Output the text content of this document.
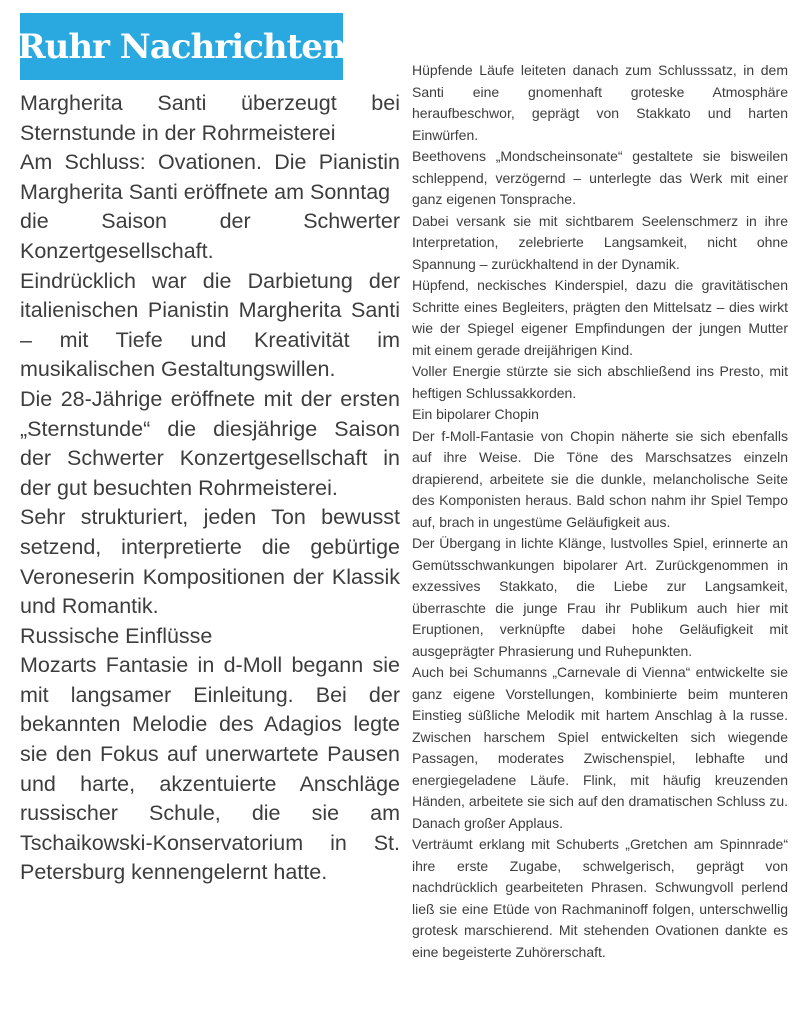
Ruhr Nachrichten

Margherita Santi überzeugt bei Sternstunde in der Rohrmeisterei

Am Schluss: Ovationen. Die Pianistin Margherita Santi eröffnete am Sonntag

die Saison der Schwerter Konzertgesellschaft.

Eindrücklich war die Darbietung der italienischen Pianistin Margherita Santi – mit Tiefe und Kreativität im musikalischen Gestaltungswillen.

Die 28-Jährige eröffnete mit der ersten „Sternstunde“ die diesjährige Saison der Schwerter Konzertgesellschaft in der gut besuchten Rohrmeisterei.

Sehr strukturiert, jeden Ton bewusst setzend, interpretierte die gebürtige Veroneserin Kompositionen der Klassik und Romantik.

Russische Einflüsse

Mozarts Fantasie in d-Moll begann sie mit langsamer Einleitung. Bei der bekannten Melodie des Adagios legte sie den Fokus auf unerwartete Pausen und harte, akzentuierte Anschläge russischer Schule, die sie am Tschaikowski-Konservatorium in St. Petersburg kennengelernt hatte.

Hüpfende Läufe leiteten danach zum Schlusssatz, in dem Santi eine gnomenhaft groteske Atmosphäre heraufbeschwor, geprägt von Stakkato und harten Einwürfen.

Beethovens „Mondscheinsonate“ gestaltete sie bisweilen schleppend, verzögernd – unterlegte das Werk mit einer ganz eigenen Tonsprache.

Dabei versank sie mit sichtbarem Seelenschmerz in ihre Interpretation, zelebrierte Langsamkeit, nicht ohne Spannung – zurückhaltend in der Dynamik.

Hüpfend, neckisches Kinderspiel, dazu die gravitätischen Schritte eines Begleiters, prägten den Mittelsatz – dies wirkt wie der Spiegel eigener Empfindungen der jungen Mutter mit einem gerade dreijährigen Kind.

Voller Energie stürzte sie sich abschließend ins Presto, mit heftigen Schlussakkorden.

Ein bipolarer Chopin

Der f-Moll-Fantasie von Chopin näherte sie sich ebenfalls auf ihre Weise. Die Töne des Marschsatzes einzeln drapierend, arbeitete sie die dunkle, melancholische Seite des Komponisten heraus. Bald schon nahm ihr Spiel Tempo auf, brach in ungestüme Geläufigkeit aus.

Der Übergang in lichte Klänge, lustvolles Spiel, erinnerte an Gemütsschwankungen bipolarer Art. Zurückgenommen in exzessives Stakkato, die Liebe zur Langsamkeit, überraschte die junge Frau ihr Publikum auch hier mit Eruptionen, verknüpfte dabei hohe Geläufigkeit mit ausgeprägter Phrasierung und Ruhepunkten.

Auch bei Schumanns „Carnevale di Vienna“ entwickelte sie ganz eigene Vorstellungen, kombinierte beim munteren Einstieg süßliche Melodik mit hartem Anschlag à la russe. Zwischen harschem Spiel entwickelten sich wiegende Passagen, moderates Zwischenspiel, lebhafte und energiegeladene Läufe. Flink, mit häufig kreuzenden Händen, arbeitete sie sich auf den dramatischen Schluss zu. Danach großer Applaus.

Verträumt erklang mit Schuberts „Gretchen am Spinnrade“ ihre erste Zugabe, schwelgerisch, geprägt von nachdrücklich gearbeiteten Phrasen. Schwungvoll perlend ließ sie eine Etüde von Rachmaninoff folgen, unterschwellig grotesk marschierend. Mit stehenden Ovationen dankte es eine begeisterte Zuhörerschaft.
